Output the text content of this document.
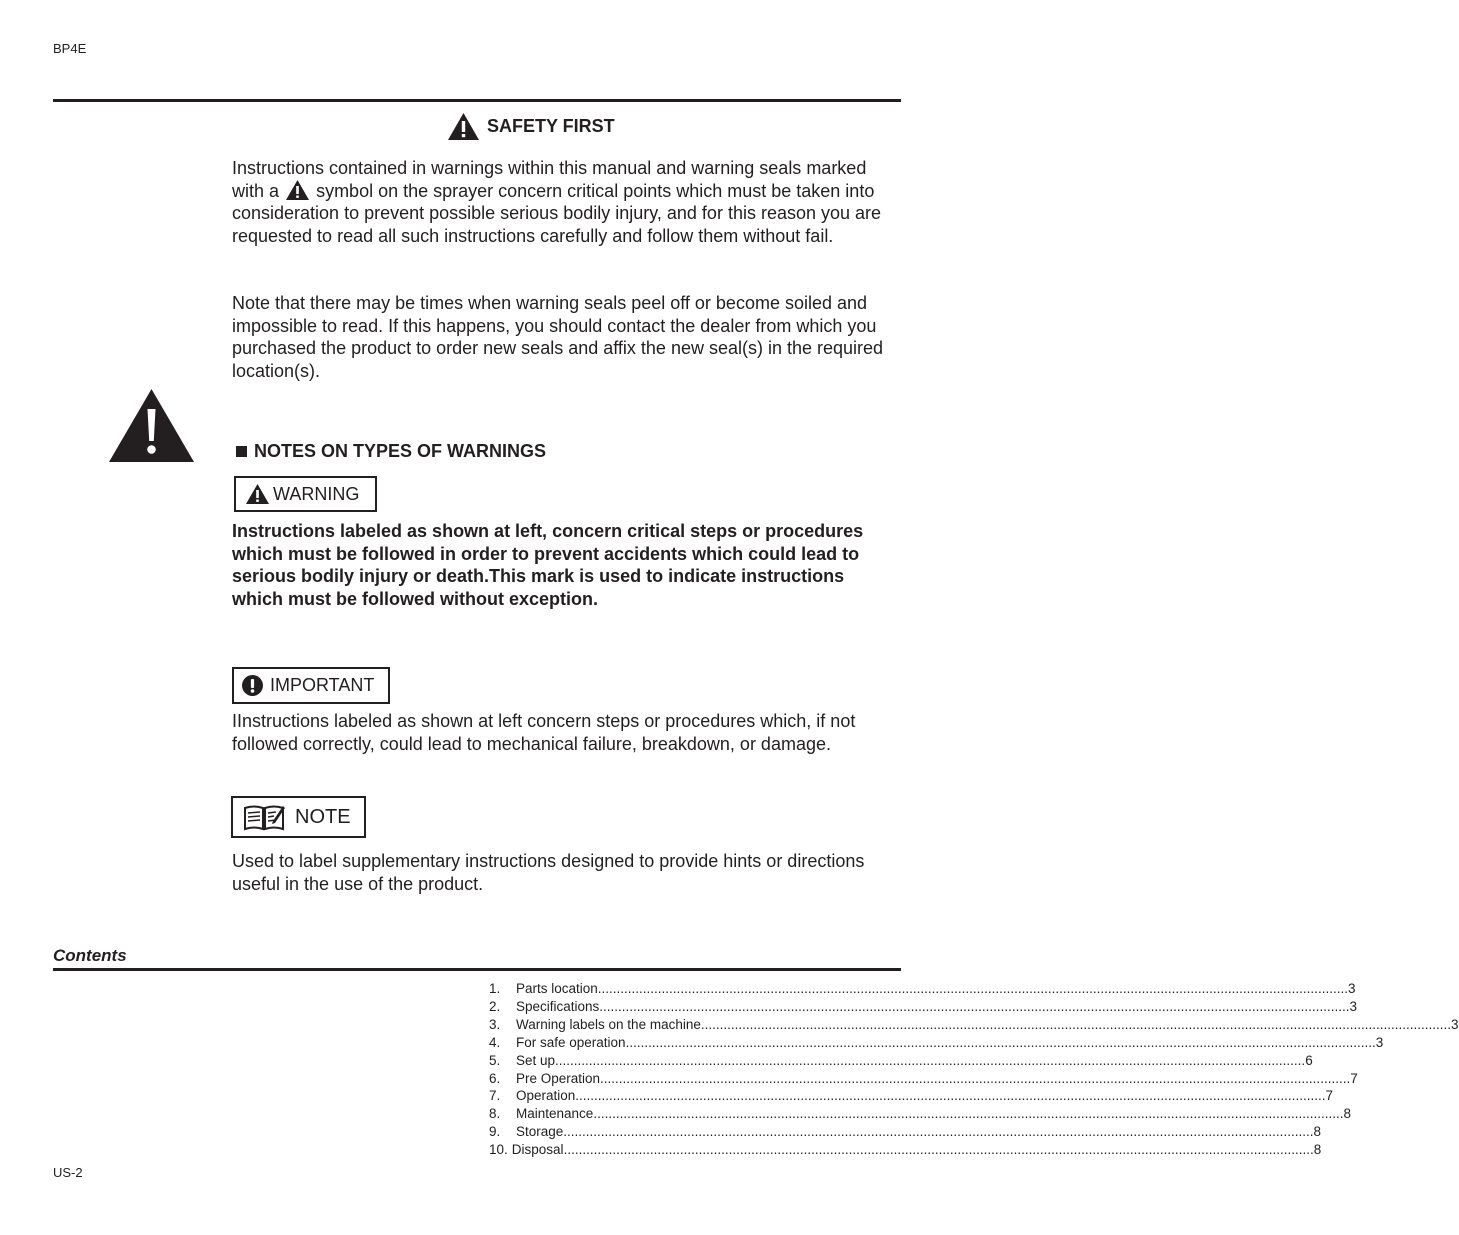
BP4E
SAFETY FIRST
Instructions contained in warnings within this manual and warning seals marked with a symbol on the sprayer concern critical points which must be taken into consideration to prevent possible serious bodily injury, and for this reason you are requested to read all such instructions carefully and follow them without fail.
Note that there may be times when warning seals peel off or become soiled and impossible to read. If this happens, you should contact the dealer from which you purchased the product to order new seals and affix the new seal(s) in the required location(s).
NOTES ON TYPES OF WARNINGS
WARNING
Instructions labeled as shown at left, concern critical steps or procedures which must be followed in order to prevent accidents which could lead to serious bodily injury or death.This mark is used to indicate instructions which must be followed without exception.
IMPORTANT
IInstructions labeled as shown at left concern steps or procedures which, if not followed correctly, could lead to mechanical failure, breakdown, or damage.
NOTE
Used to label supplementary instructions designed to provide hints or directions useful in the use of the product.
Contents
1.	Parts location ........................................................................................................................................................................................................ 3
2.	Specifications ........................................................................................................................................................................................................ 3
3.	Warning labels on the machine ........................................................................................................................................................................................................ 3
4.	For safe operation ........................................................................................................................................................................................................ 3
5.	Set up ........................................................................................................................................................................................................ 6
6.	Pre Operation ........................................................................................................................................................................................................ 7
7.	Operation ........................................................................................................................................................................................................ 7
8.	Maintenance ........................................................................................................................................................................................................ 8
9.	Storage ........................................................................................................................................................................................................ 8
10. Disposal ........................................................................................................................................................................................................ 8
US-2
